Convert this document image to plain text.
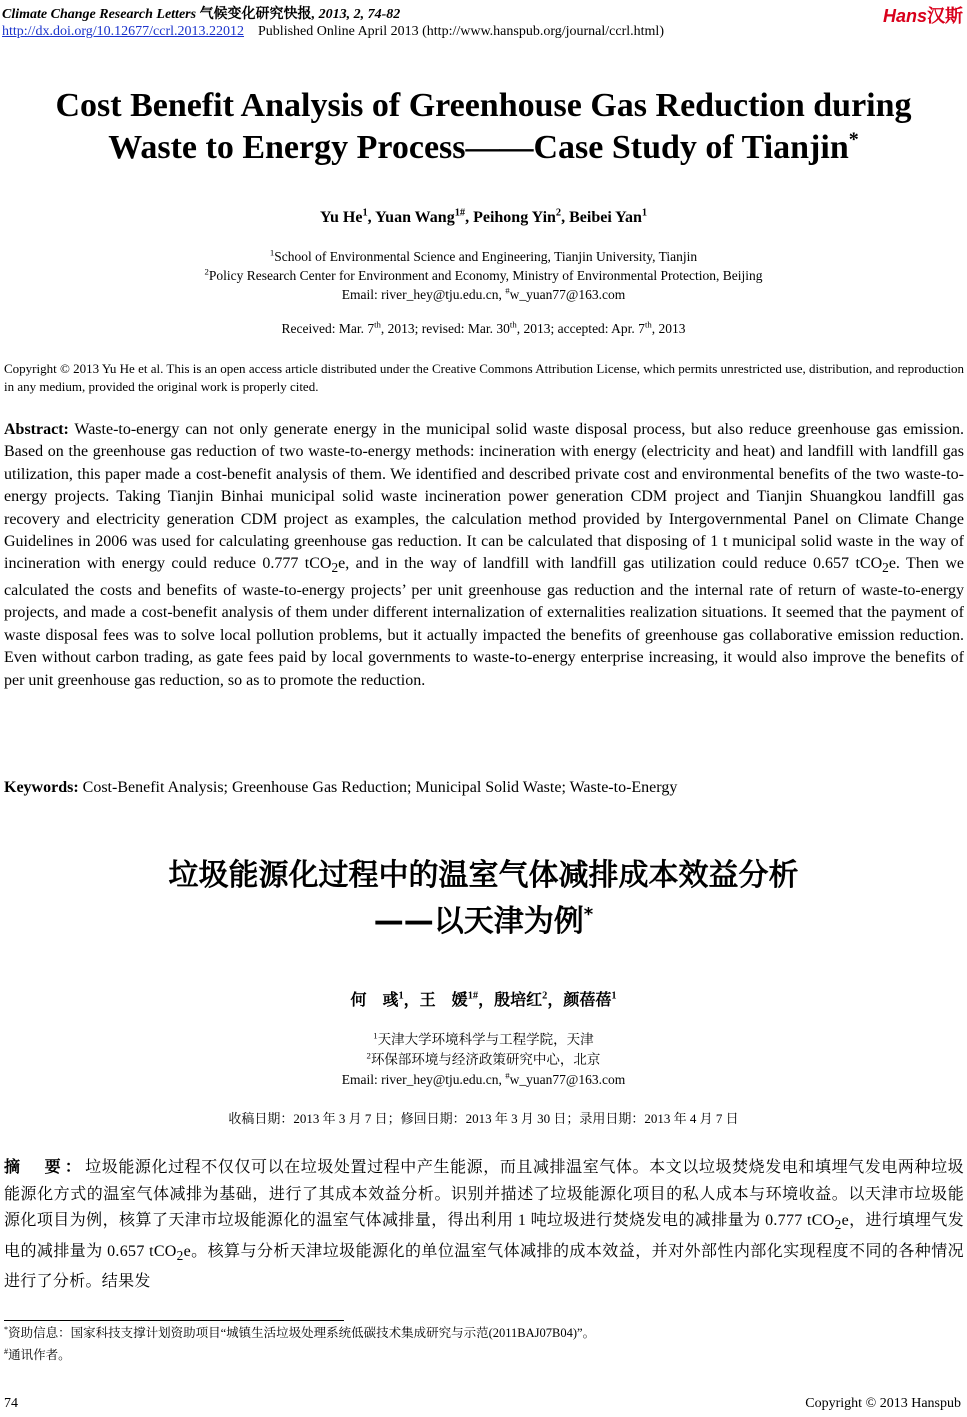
Climate Change Research Letters 气候变化研究快报, 2013, 2, 74-82	Hans汉斯
http://dx.doi.org/10.12677/ccrl.2013.22012 Published Online April 2013 (http://www.hanspub.org/journal/ccrl.html)
Cost Benefit Analysis of Greenhouse Gas Reduction during
Waste to Energy Process——Case Study of Tianjin*
Yu He$^1$, Yuan Wang$^{1\#}$, Peihong Yin$^2$, Beibei Yan$^1$
$^1$School of Environmental Science and Engineering, Tianjin University, Tianjin
$^2$Policy Research Center for Environment and Economy, Ministry of Environmental Protection, Beijing
Email: river_hey@tju.edu.cn, #w_yuan77@163.com
Received: Mar. 7th, 2013; revised: Mar. 30th, 2013; accepted: Apr. 7th, 2013
Copyright © 2013 Yu He et al. This is an open access article distributed under the Creative Commons Attribution License, which permits unrestricted use, distribution, and reproduction in any medium, provided the original work is properly cited.
Abstract: Waste-to-energy can not only generate energy in the municipal solid waste disposal process, but also reduce greenhouse gas emission. Based on the greenhouse gas reduction of two waste-to-energy methods: incineration with energy (electricity and heat) and landfill with landfill gas utilization, this paper made a cost-benefit analysis of them. We identified and described private cost and environmental benefits of the two waste-to-energy projects. Taking Tianjin Binhai municipal solid waste incineration power generation CDM project and Tianjin Shuangkou landfill gas recovery and electricity generation CDM project as examples, the calculation method provided by Intergovernmental Panel on Climate Change Guidelines in 2006 was used for calculating greenhouse gas reduction. It can be calculated that disposing of 1 t municipal solid waste in the way of incineration with energy could reduce 0.777 tCO$_2$e, and in the way of landfill with landfill gas utilization could reduce 0.657 tCO$_2$e. Then we calculated the costs and benefits of waste-to-energy projects’ per unit greenhouse gas reduction and the internal rate of return of waste-to-energy projects, and made a cost-benefit analysis of them under different internalization of externalities realization situations. It seemed that the payment of waste disposal fees was to solve local pollution problems, but it actually impacted the benefits of greenhouse gas collaborative emission reduction. Even without carbon trading, as gate fees paid by local governments to waste-to-energy enterprise increasing, it would also improve the benefits of per unit greenhouse gas reduction, so as to promote the reduction.
Keywords: Cost-Benefit Analysis; Greenhouse Gas Reduction; Municipal Solid Waste; Waste-to-Energy
垃圾能源化过程中的温室气体减排成本效益分析
——以天津为例*
何　彧$^1$，王　媛$^{1\#}$，殷培红$^2$，颜蓓蓓$^1$
$^1$天津大学环境科学与工程学院，天津
$^2$环保部环境与经济政策研究中心，北京
Email: river_hey@tju.edu.cn, #w_yuan77@163.com
收稿日期：2013 年 3 月 7 日；修回日期：2013 年 3 月 30 日；录用日期：2013 年 4 月 7 日
摘　要：垃圾能源化过程不仅仅可以在垃圾处置过程中产生能源，而且减排温室气体。本文以垃圾焚烧发电和填埋气发电两种垃圾能源化方式的温室气体减排为基础，进行了其成本效益分析。识别并描述了垃圾能源化项目的私人成本与环境收益。以天津市垃圾能源化项目为例，核算了天津市垃圾能源化的温室气体减排量，得出利用 1 吨垃圾进行焚烧发电的减排量为 0.777 tCO$_2$e，进行填埋气发电的减排量为 0.657 tCO$_2$e。核算与分析天津垃圾能源化的单位温室气体减排的成本效益，并对外部性内部化实现程度不同的各种情况进行了分析。结果发
*资助信息：国家科技支撑计划资助项目“城镇生活垃圾处理系统低碳技术集成研究与示范(2011BAJ07B04)”。
#通讯作者。
74	Copyright © 2013 Hanspub
